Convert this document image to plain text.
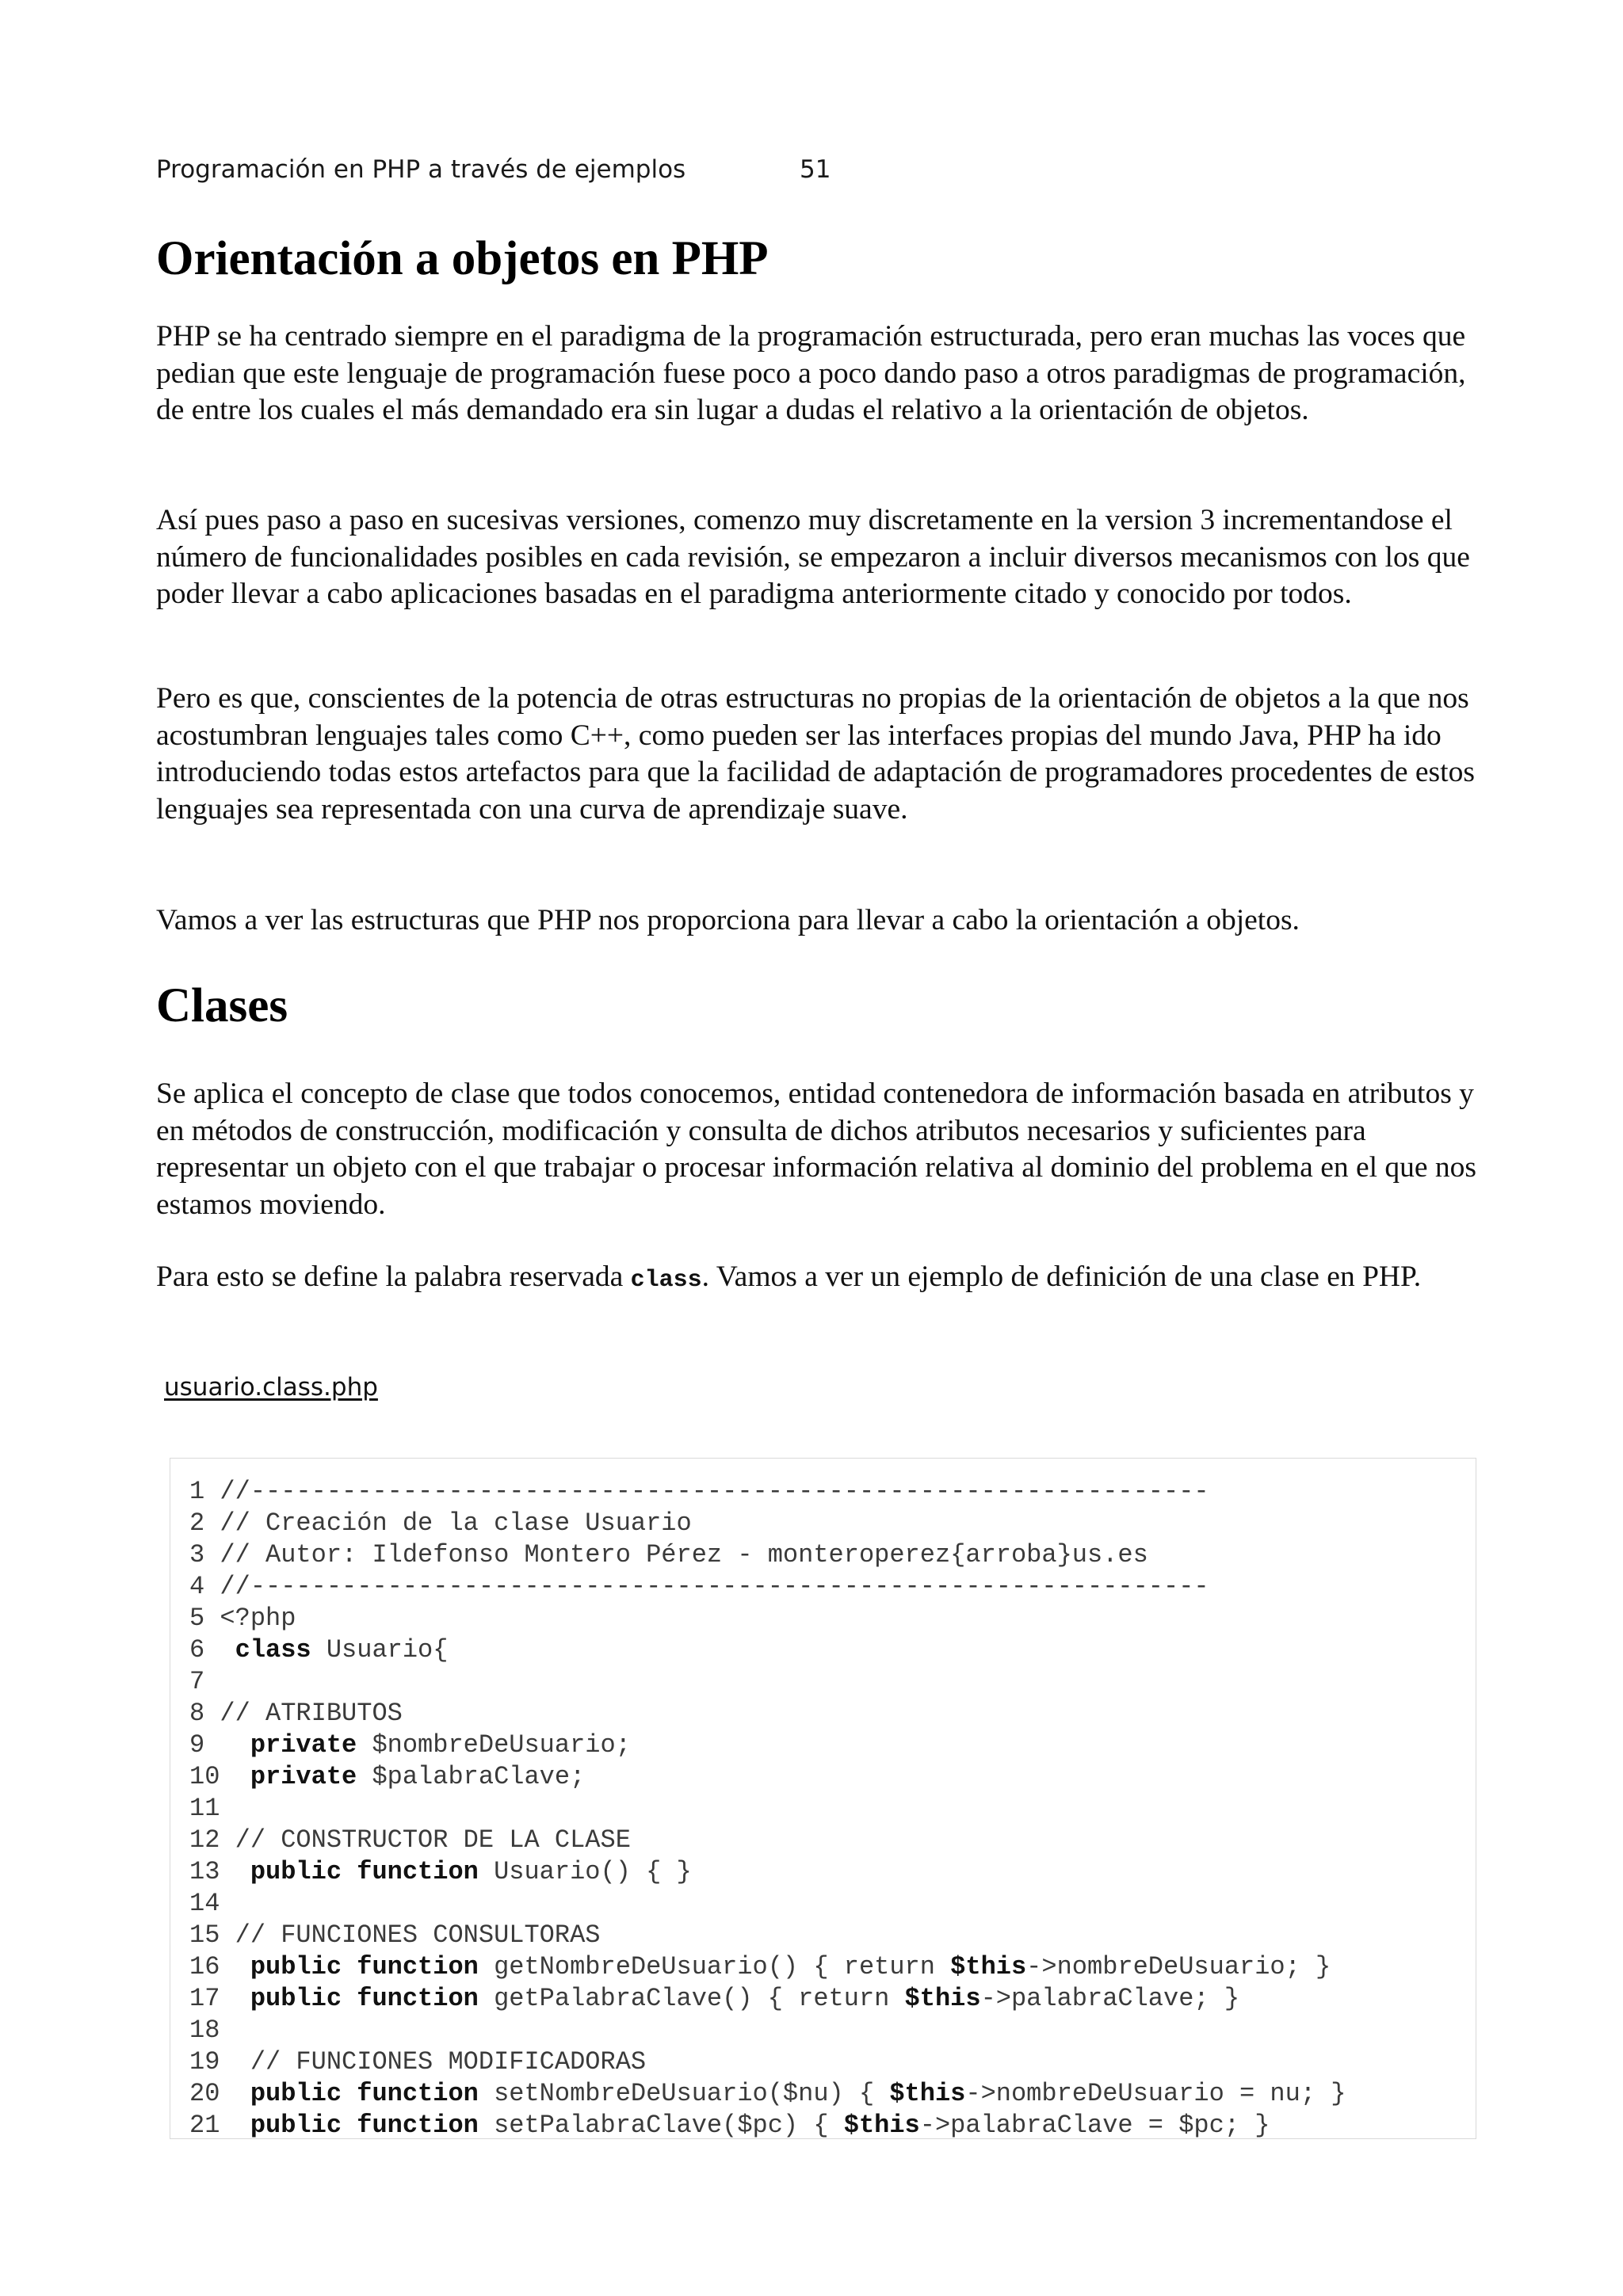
Programación en PHP a través de ejemplos	51
Orientación a objetos en PHP

PHP se ha centrado siempre en el paradigma de la programación estructurada, pero eran muchas las voces que pedian que este lenguaje de programación fuese poco a poco dando paso a otros paradigmas de programación, de entre los cuales el más demandado era sin lugar a dudas el relativo a la orientación de objetos.

Así pues paso a paso en sucesivas versiones, comenzo muy discretamente en la version 3 incrementandose el número de funcionalidades posibles en cada revisión, se empezaron a incluir diversos mecanismos con los que poder llevar a cabo aplicaciones basadas en el paradigma anteriormente citado y conocido por todos.

Pero es que, conscientes de la potencia de otras estructuras no propias de la orientación de objetos a la que nos acostumbran lenguajes tales como C++, como pueden ser las interfaces propias del mundo Java, PHP ha ido introduciendo todas estos artefactos para que la facilidad de adaptación de programadores procedentes de estos lenguajes sea representada con una curva de aprendizaje suave.

Vamos a ver las estructuras que PHP nos proporciona para llevar a cabo la orientación a objetos.

Clases

Se aplica el concepto de clase que todos conocemos, entidad contenedora de información basada en atributos y en métodos de construcción, modificación y consulta de dichos atributos necesarios y suficientes para representar un objeto con el que trabajar o procesar información relativa al dominio del problema en el que nos estamos moviendo.

Para esto se define la palabra reservada class. Vamos a ver un ejemplo de definición de una clase en PHP.

usuario.class.php
1 //---------------------------------------------------------------
2 // Creación de la clase Usuario
3 // Autor: Ildefonso Montero Pérez - monteroperez{arroba}us.es
4 //---------------------------------------------------------------
5 <?php
6 class Usuario{
7
8 // ATRIBUTOS
9 private $nombreDeUsuario;
10 private $palabraClave;
11
12 // CONSTRUCTOR DE LA CLASE
13 public function Usuario() { }
14
15 // FUNCIONES CONSULTORAS
16 public function getNombreDeUsuario() { return $this->nombreDeUsuario; }
17 public function getPalabraClave() { return $this->palabraClave; }
18
19  // FUNCIONES MODIFICADORAS
20 public function setNombreDeUsuario($nu) { $this->nombreDeUsuario = nu; }
21 public function setPalabraClave($pc) { $this->palabraClave = $pc; }
